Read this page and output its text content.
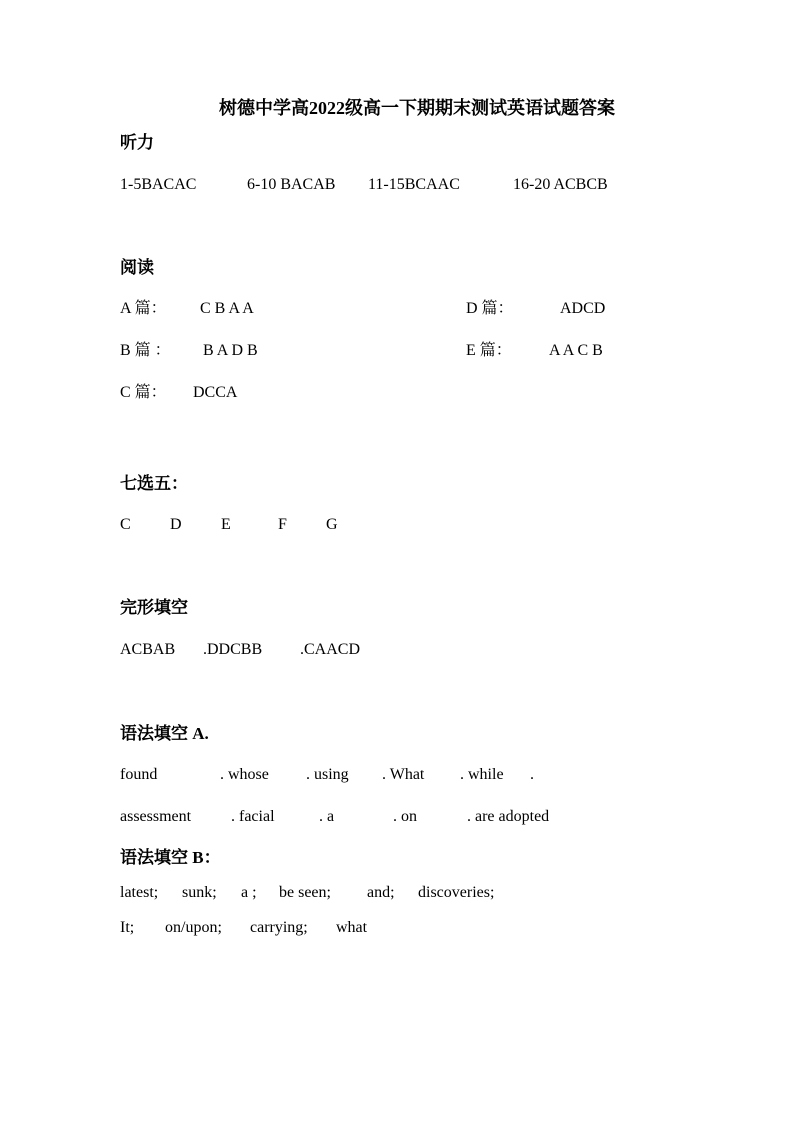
树德中学高2022级高一下期期末测试英语试题答案
听力
1-5BACAC	6-10 BACAB 11-15BCAAC	16-20 ACBCB
阅读
A 篇： C B A A	D 篇：	ADCD
B 篇 ： B A D B	E 篇： A A C B
C 篇： DCCA
七选五：
C D E	F G
完形填空
ACBAB .DDCBB .CAACD
语法填空 A.
found	. whose . using . What . while .
assessment . facial	. a	. on	. are adopted
语法填空 B：
latest; sunk; a ; be seen; and; discoveries;
It; on/upon; carrying; what
